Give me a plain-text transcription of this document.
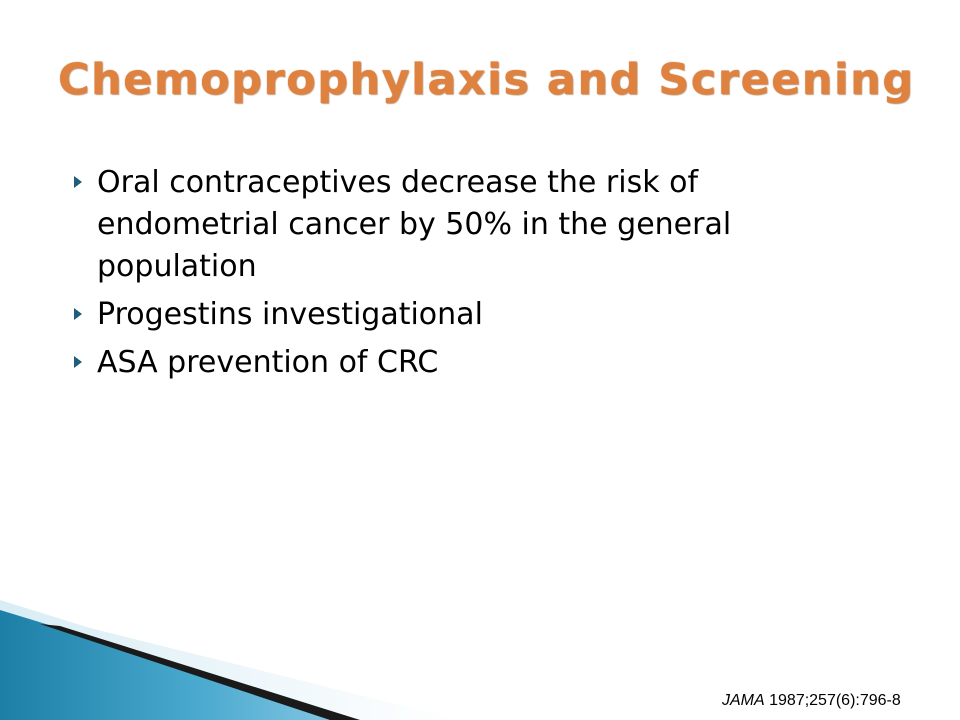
Chemoprophylaxis and Screening
Oral contraceptives decrease the risk of endometrial cancer by 50% in the general population
Progestins investigational
ASA prevention of CRC
JAMA 1987;257(6):796-8
